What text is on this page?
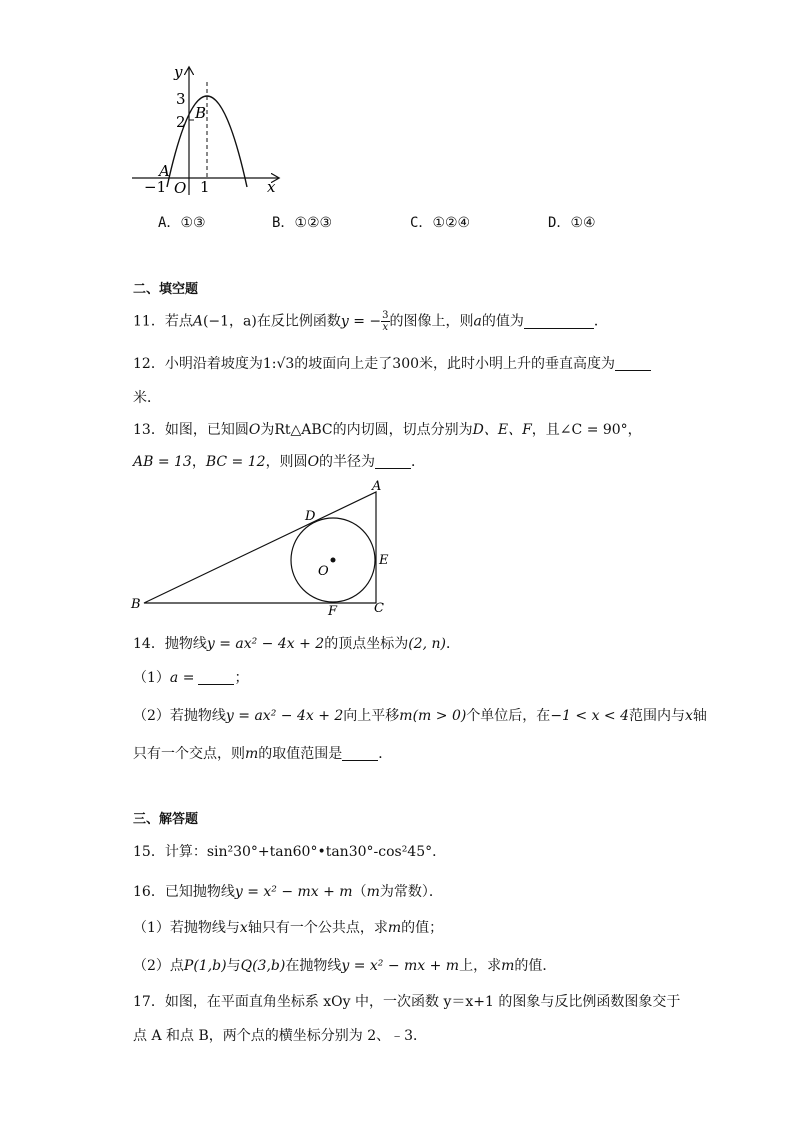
y
x
3
2
−1 1
O
A
B
A．①③	B．①②③	C．①②④	D．①④
二、填空题
11．若点A(−1，a)在反比例函数y = − $\frac{3}{x}$ 的图像上，则a的值为	．
12．小明沿着坡度为1:√3的坡面向上走了300米，此时小明上升的垂直高度为
米．
13．如图，已知圆O为Rt△ABC的内切圆，切点分别为D、E、F，且∠C = 90°，
AB = 13，BC = 12，则圆O的半径为	．
A
B	C
D
E
F
O
14．抛物线y = ax² − 4x + 2的顶点坐标为(2, n)．
（1）a =	；
（2）若抛物线y = ax² − 4x + 2向上平移m(m > 0)个单位后，在−1 < x < 4范围内与x轴
只有一个交点，则m的取值范围是	．
三、解答题
15．计算：sin²30°+tan60°•tan30°-cos²45°．
16．已知抛物线y = x² − mx + m（m为常数）．
（1）若抛物线与x轴只有一个公共点，求m的值；
（2）点P(1,b)与Q(3,b)在抛物线y = x² − mx + m上，求m的值．
17．如图，在平面直角坐标系 xOy 中，一次函数 y＝x+1 的图象与反比例函数图象交于
点 A 和点 B，两个点的横坐标分别为 2、﹣3．
